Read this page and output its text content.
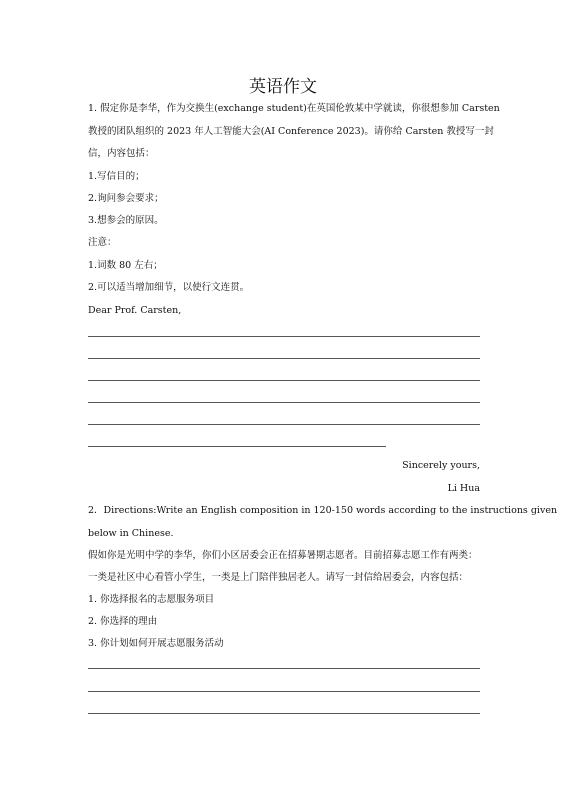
英语作文
1. 假定你是李华，作为交换生(exchange student)在英国伦敦某中学就读，你很想参加 Carsten
教授的团队组织的 2023 年人工智能大会(AI Conference 2023)。请你给 Carsten 教授写一封
信，内容包括：
1.写信目的；
2.询问参会要求；
3.想参会的原因。
注意：
1.词数 80 左右；
2.可以适当增加细节，以使行文连贯。
Dear Prof. Carsten,
Sincerely yours,
Li Hua
2．Directions:Write an English composition in 120-150 words according to the instructions given
below in Chinese.
假如你是光明中学的李华，你们小区居委会正在招募暑期志愿者。目前招募志愿工作有两类：
一类是社区中心看管小学生，一类是上门陪伴独居老人。请写一封信给居委会，内容包括：
1. 你选择报名的志愿服务项目
2. 你选择的理由
3. 你计划如何开展志愿服务活动
